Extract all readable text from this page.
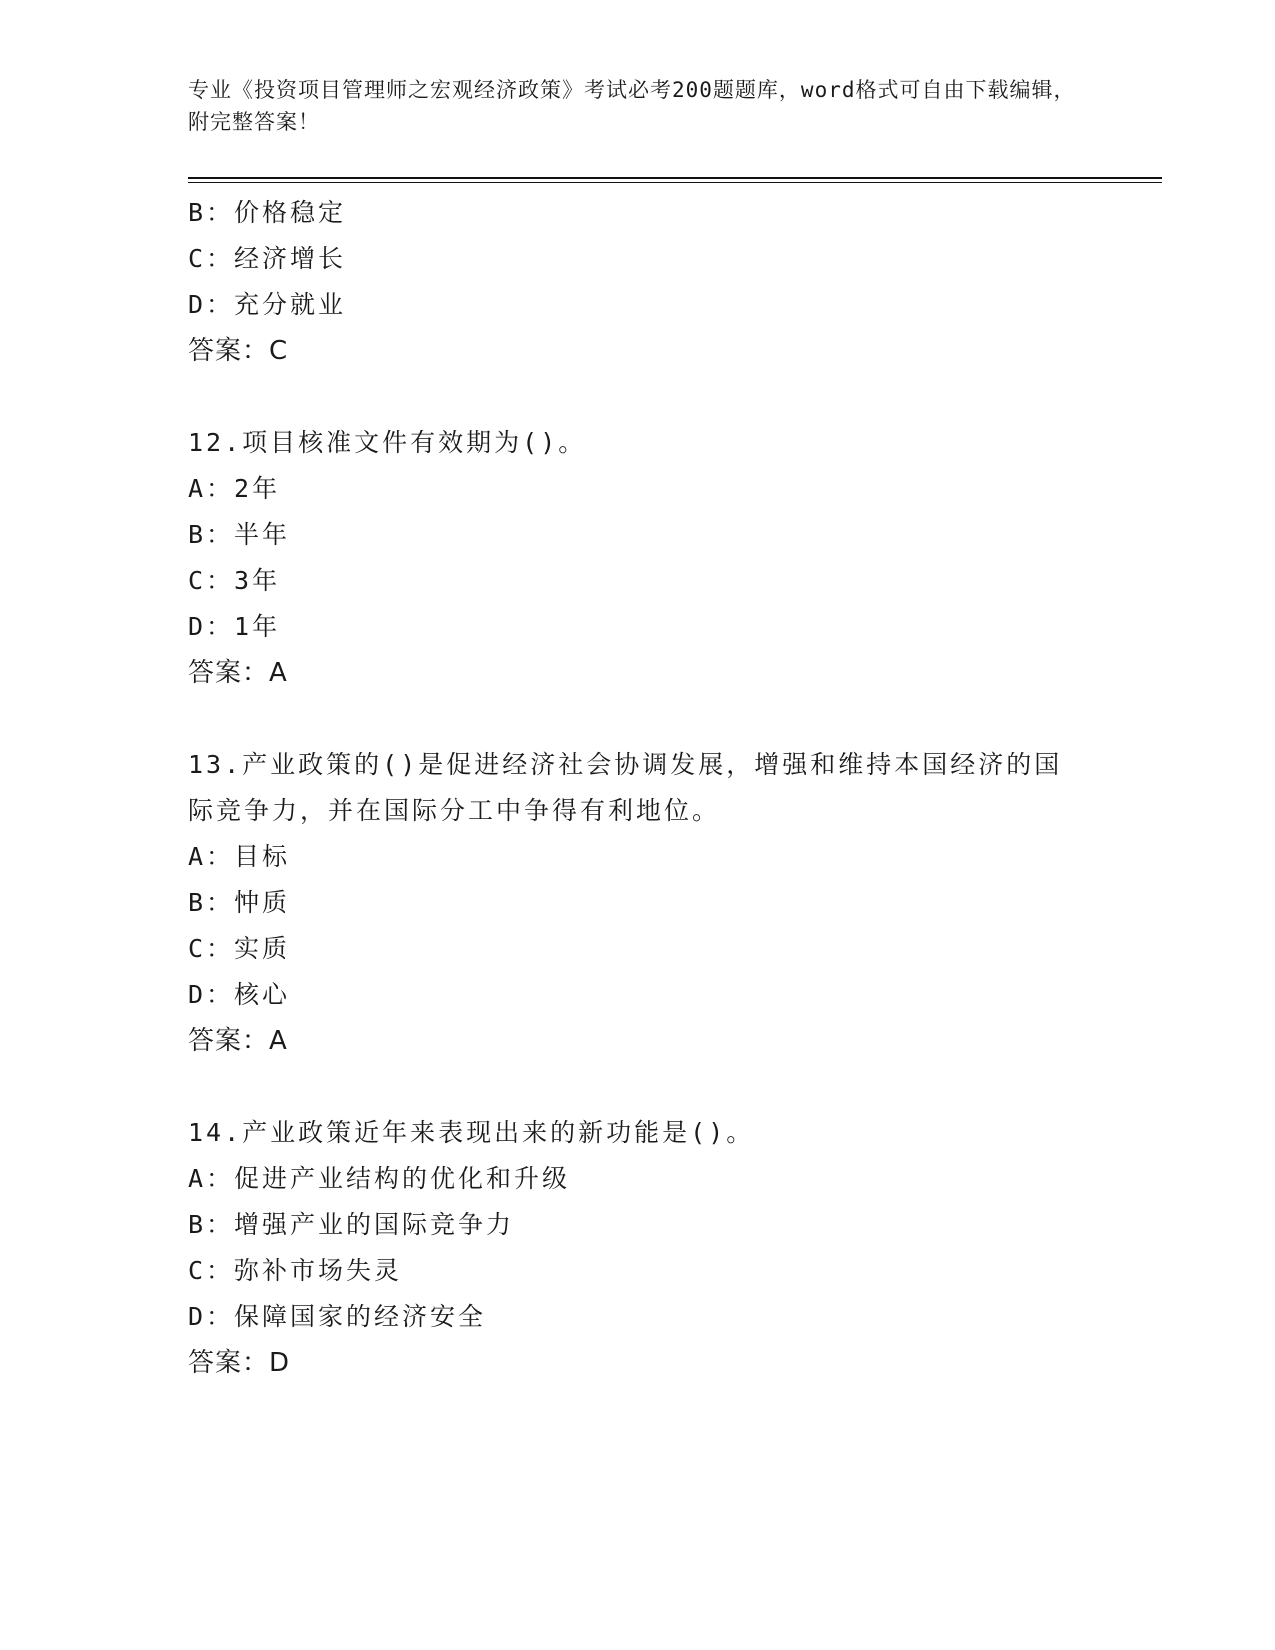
专业《投资项目管理师之宏观经济政策》考试必考200题题库，word格式可自由下载编辑，附完整答案！
B：价格稳定
C：经济增长
D：充分就业
答案：C
12.项目核准文件有效期为()。
A：2年
B：半年
C：3年
D：1年
答案：A
13.产业政策的()是促进经济社会协调发展，增强和维持本国经济的国际竞争力，并在国际分工中争得有利地位。
A：目标
B：忡质
C：实质
D：核心
答案：A
14.产业政策近年来表现出来的新功能是()。
A：促进产业结构的优化和升级
B：增强产业的国际竞争力
C：弥补市场失灵
D：保障国家的经济安全
答案：D
